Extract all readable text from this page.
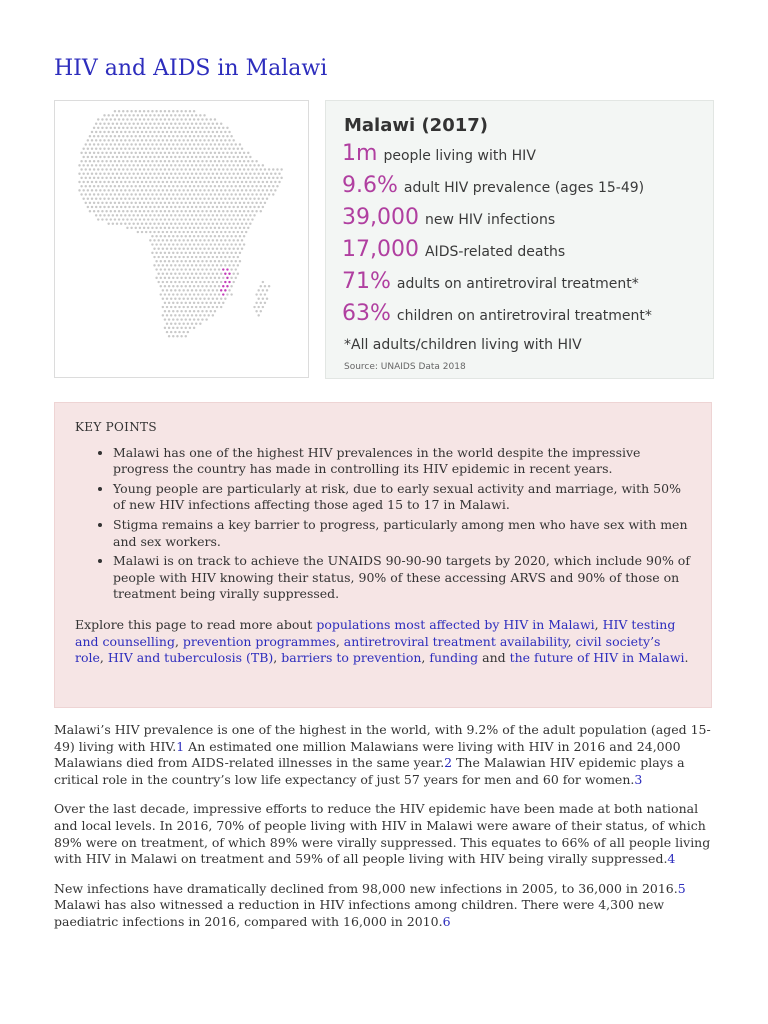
HIV and AIDS in Malawi
Malawi (2017)
1m people living with HIV
9.6% adult HIV prevalence (ages 15-49)
39,000 new HIV infections
17,000 AIDS-related deaths
71% adults on antiretroviral treatment*
63% children on antiretroviral treatment*
*All adults/children living with HIV
Source: UNAIDS Data 2018
KEY POINTS
• Malawi has one of the highest HIV prevalences in the world despite the impressive progress the country has made in controlling its HIV epidemic in recent years.
• Young people are particularly at risk, due to early sexual activity and marriage, with 50% of new HIV infections affecting those aged 15 to 17 in Malawi.
• Stigma remains a key barrier to progress, particularly among men who have sex with men and sex workers.
• Malawi is on track to achieve the UNAIDS 90-90-90 targets by 2020, which include 90% of people with HIV knowing their status, 90% of these accessing ARVS and 90% of those on treatment being virally suppressed.

Explore this page to read more about populations most affected by HIV in Malawi, HIV testing and counselling, prevention programmes, antiretroviral treatment availability, civil society’s role, HIV and tuberculosis (TB), barriers to prevention, funding and the future of HIV in Malawi.

Malawi’s HIV prevalence is one of the highest in the world, with 9.2% of the adult population (aged 15-49) living with HIV.1 An estimated one million Malawians were living with HIV in 2016 and 24,000 Malawians died from AIDS-related illnesses in the same year.2 The Malawian HIV epidemic plays a critical role in the country’s low life expectancy of just 57 years for men and 60 for women.3

Over the last decade, impressive efforts to reduce the HIV epidemic have been made at both national and local levels. In 2016, 70% of people living with HIV in Malawi were aware of their status, of which 89% were on treatment, of which 89% were virally suppressed. This equates to 66% of all people living with HIV in Malawi on treatment and 59% of all people living with HIV being virally suppressed.4

New infections have dramatically declined from 98,000 new infections in 2005, to 36,000 in 2016.5 Malawi has also witnessed a reduction in HIV infections among children. There were 4,300 new paediatric infections in 2016, compared with 16,000 in 2010.6
